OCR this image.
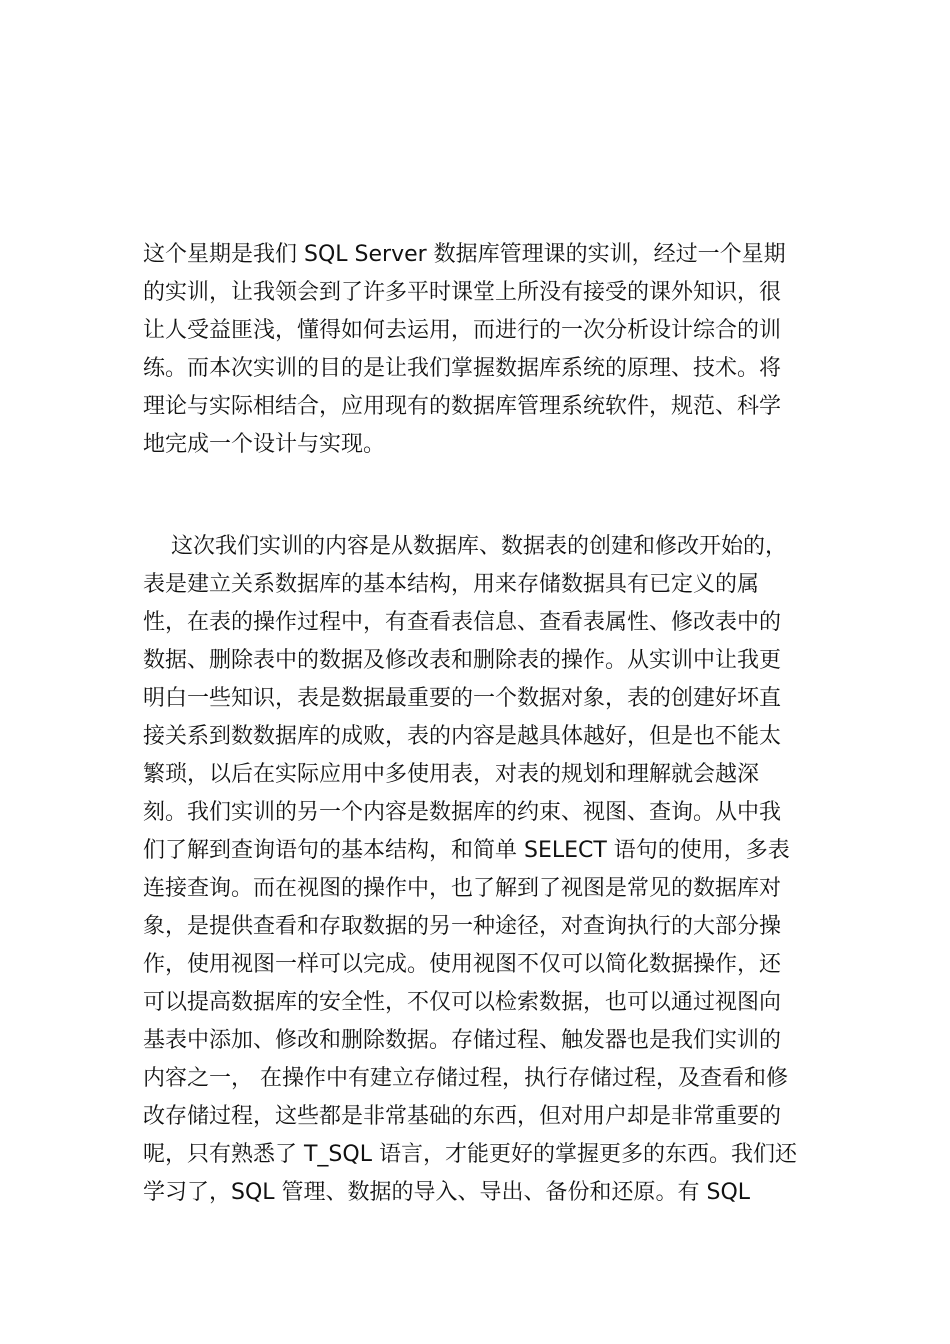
这个星期是我们 SQL Server 数据库管理课的实训，经过一个星期
的实训，让我领会到了许多平时课堂上所没有接受的课外知识，很
让人受益匪浅，懂得如何去运用，而进行的一次分析设计综合的训
练。而本次实训的目的是让我们掌握数据库系统的原理、技术。将
理论与实际相结合，应用现有的数据库管理系统软件，规范、科学
地完成一个设计与实现。
这次我们实训的内容是从数据库、数据表的创建和修改开始的，
表是建立关系数据库的基本结构，用来存储数据具有已定义的属
性，在表的操作过程中，有查看表信息、查看表属性、修改表中的
数据、删除表中的数据及修改表和删除表的操作。从实训中让我更
明白一些知识，表是数据最重要的一个数据对象，表的创建好坏直
接关系到数数据库的成败，表的内容是越具体越好，但是也不能太
繁琐，以后在实际应用中多使用表，对表的规划和理解就会越深
刻。我们实训的另一个内容是数据库的约束、视图、查询。从中我
们了解到查询语句的基本结构，和简单 SELECT 语句的使用，多表
连接查询。而在视图的操作中，也了解到了视图是常见的数据库对
象，是提供查看和存取数据的另一种途径，对查询执行的大部分操
作，使用视图一样可以完成。使用视图不仅可以简化数据操作，还
可以提高数据库的安全性，不仅可以检索数据，也可以通过视图向
基表中添加、修改和删除数据。存储过程、触发器也是我们实训的
内容之一， 在操作中有建立存储过程，执行存储过程，及查看和修
改存储过程，这些都是非常基础的东西，但对用户却是非常重要的
呢，只有熟悉了 T_SQL 语言，才能更好的掌握更多的东西。我们还
学习了，SQL 管理、数据的导入、导出、备份和还原。有 SQL
